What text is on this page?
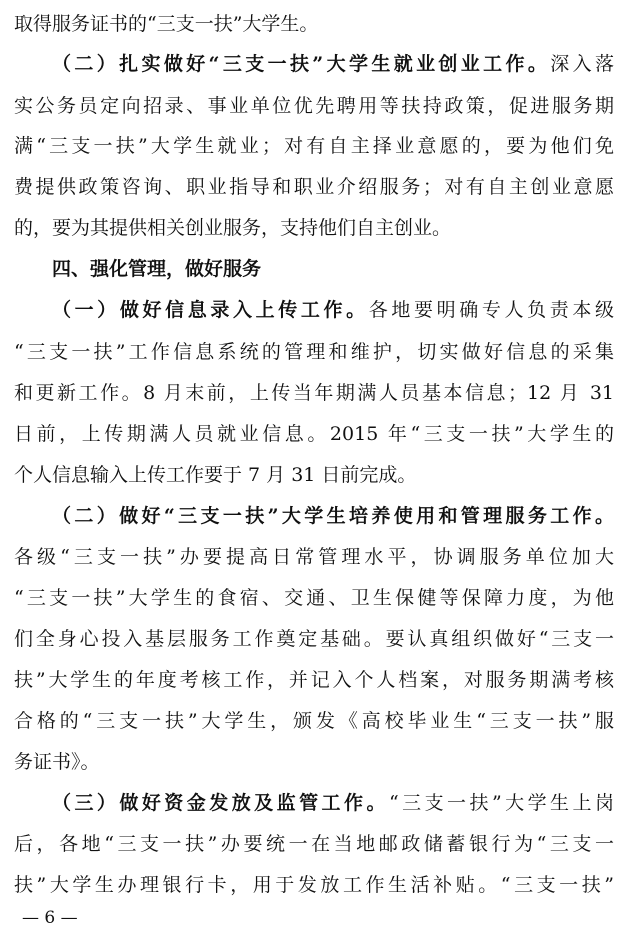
取得服务证书的“三支一扶”大学生。
（二）扎实做好“三支一扶”大学生就业创业工作。深入落
实公务员定向招录、事业单位优先聘用等扶持政策，促进服务期
满“三支一扶”大学生就业；对有自主择业意愿的，要为他们免
费提供政策咨询、职业指导和职业介绍服务；对有自主创业意愿
的，要为其提供相关创业服务，支持他们自主创业。
四、强化管理，做好服务
（一）做好信息录入上传工作。各地要明确专人负责本级
“三支一扶”工作信息系统的管理和维护，切实做好信息的采集
和更新工作。8 月末前，上传当年期满人员基本信息；12 月 31
日前，上传期满人员就业信息。2015 年“三支一扶”大学生的
个人信息输入上传工作要于 7 月 31 日前完成。
（二）做好“三支一扶”大学生培养使用和管理服务工作。
各级“三支一扶”办要提高日常管理水平，协调服务单位加大
“三支一扶”大学生的食宿、交通、卫生保健等保障力度，为他
们全身心投入基层服务工作奠定基础。要认真组织做好“三支一
扶”大学生的年度考核工作，并记入个人档案，对服务期满考核
合格的“三支一扶”大学生，颁发《高校毕业生“三支一扶”服
务证书》。
（三）做好资金发放及监管工作。“三支一扶”大学生上岗
后，各地“三支一扶”办要统一在当地邮政储蓄银行为“三支一
扶”大学生办理银行卡，用于发放工作生活补贴。“三支一扶”
— 6 —
